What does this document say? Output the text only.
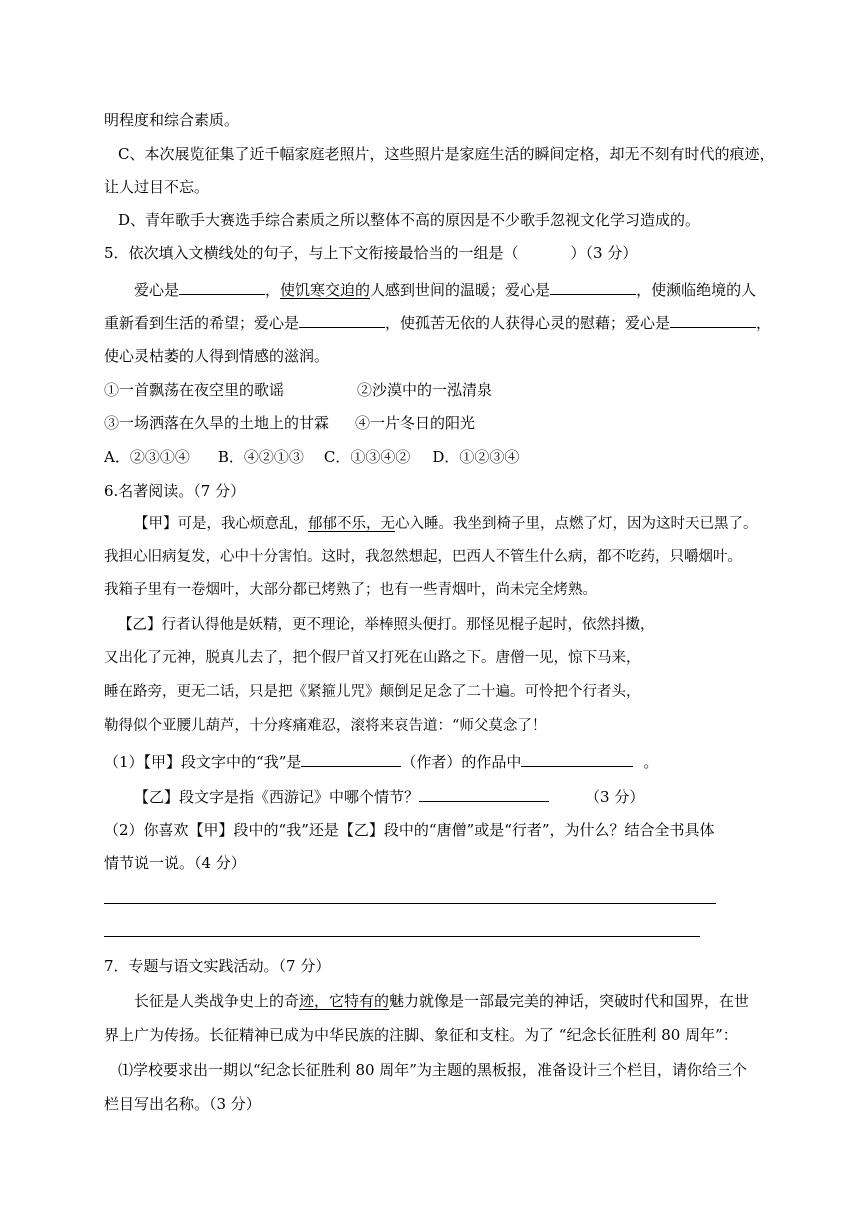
明程度和综合素质。
C、本次展览征集了近千幅家庭老照片，这些照片是家庭生活的瞬间定格，却无不刻有时代的痕迹，
让人过目不忘。
D、青年歌手大赛选手综合素质之所以整体不高的原因是不少歌手忽视文化学习造成的。
5．依次填入文横线处的句子，与上下文衔接最恰当的一组是（	）（3 分）
爱心是	，使饥寒交迫的人感到世间的温暖；爱心是	，使濒临绝境的人
重新看到生活的希望；爱心是	，使孤苦无依的人获得心灵的慰藉；爱心是	，
使心灵枯萎的人得到情感的滋润。
①一首飘荡在夜空里的歌谣	②沙漠中的一泓清泉
③一场洒落在久旱的土地上的甘霖 ④一片冬日的阳光
A．②③①④ B．④②①③ C．①③④② D．①②③④
6.名著阅读。（7 分）
【甲】可是，我心烦意乱，郁郁不乐，无心入睡。我坐到椅子里，点燃了灯，因为这时天已黑了。
我担心旧病复发，心中十分害怕。这时，我忽然想起，巴西人不管生什么病，都不吃药，只嚼烟叶。
我箱子里有一卷烟叶，大部分都已烤熟了；也有一些青烟叶，尚未完全烤熟。
【乙】行者认得他是妖精，更不理论，举棒照头便打。那怪见棍子起时，依然抖擞，
又出化了元神，脱真儿去了，把个假尸首又打死在山路之下。唐僧一见，惊下马来，
睡在路旁，更无二话，只是把《紧箍儿咒》颠倒足足念了二十遍。可怜把个行者头，
勒得似个亚腰儿葫芦，十分疼痛难忍，滚将来哀告道：“师父莫念了！
（1）【甲】段文字中的“我”是	（作者）的作品中	。
【乙】段文字是指《西游记》中哪个情节？	（3 分）
（2）你喜欢【甲】段中的“我”还是【乙】段中的“唐僧”或是“行者”，为什么？结合全书具体
情节说一说。（4 分）
7．专题与语文实践活动。（7 分）
长征是人类战争史上的奇迹，它特有的魅力就像是一部最完美的神话，突破时代和国界，在世
界上广为传扬。长征精神已成为中华民族的注脚、象征和支柱。为了 “纪念长征胜利 80 周年”：
⑴学校要求出一期以“纪念长征胜利 80 周年”为主题的黑板报，准备设计三个栏目，请你给三个
栏目写出名称。（3 分）
